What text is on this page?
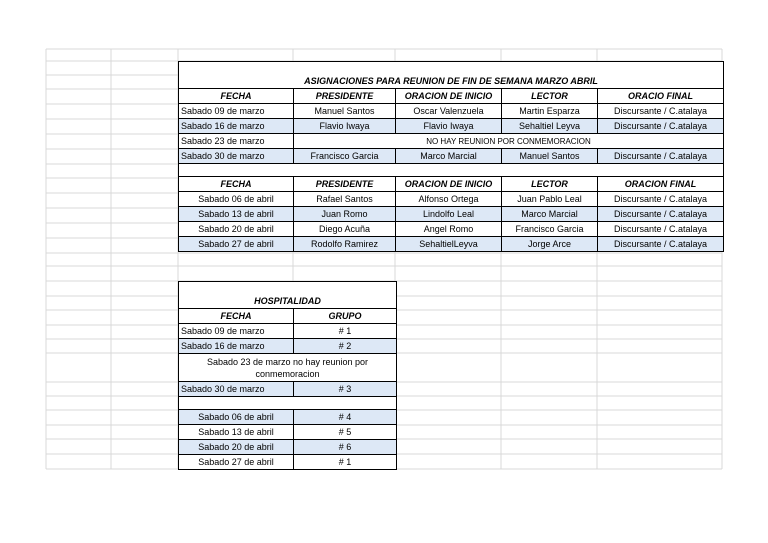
ASIGNACIONES PARA REUNION DE FIN DE SEMANA MARZO ABRIL				
FECHA	PRESIDENTE	ORACION DE INICIO	LECTOR	ORACIO FINAL
Sabado 09 de marzo	Manuel Santos	Oscar Valenzuela	Martin Esparza	Discursante / C.atalaya
Sabado 16 de marzo	Flavio Iwaya	Flavio Iwaya	Sehaltiel Leyva	Discursante / C.atalaya
Sabado 23 de marzo	NO HAY REUNION POR CONMEMORACION			
Sabado 30 de marzo	Francisco Garcia	Marco Marcial	Manuel Santos	Discursante / C.atalaya

FECHA	PRESIDENTE	ORACION DE INICIO	LECTOR	ORACION FINAL
Sabado 06 de abril	Rafael Santos	Alfonso Ortega	Juan Pablo Leal	Discursante / C.atalaya
Sabado 13 de abril	Juan Romo	Lindolfo Leal	Marco Marcial	Discursante / C.atalaya
Sabado 20 de abril	Diego Acuña	Angel Romo	Francisco Garcia	Discursante / C.atalaya
Sabado 27 de abril	Rodolfo Ramirez	SehaltielLeyva	Jorge Arce	Discursante / C.atalaya
HOSPITALIDAD	
FECHA	GRUPO
Sabado 09 de marzo	# 1
Sabado 16 de marzo	# 2
Sabado 23 de marzo no hay reunion por conmemoracion	
Sabado 30 de marzo	# 3

Sabado 06 de abril	# 4
Sabado 13 de abril	# 5
Sabado 20 de abril	# 6
Sabado 27 de abril	# 1
